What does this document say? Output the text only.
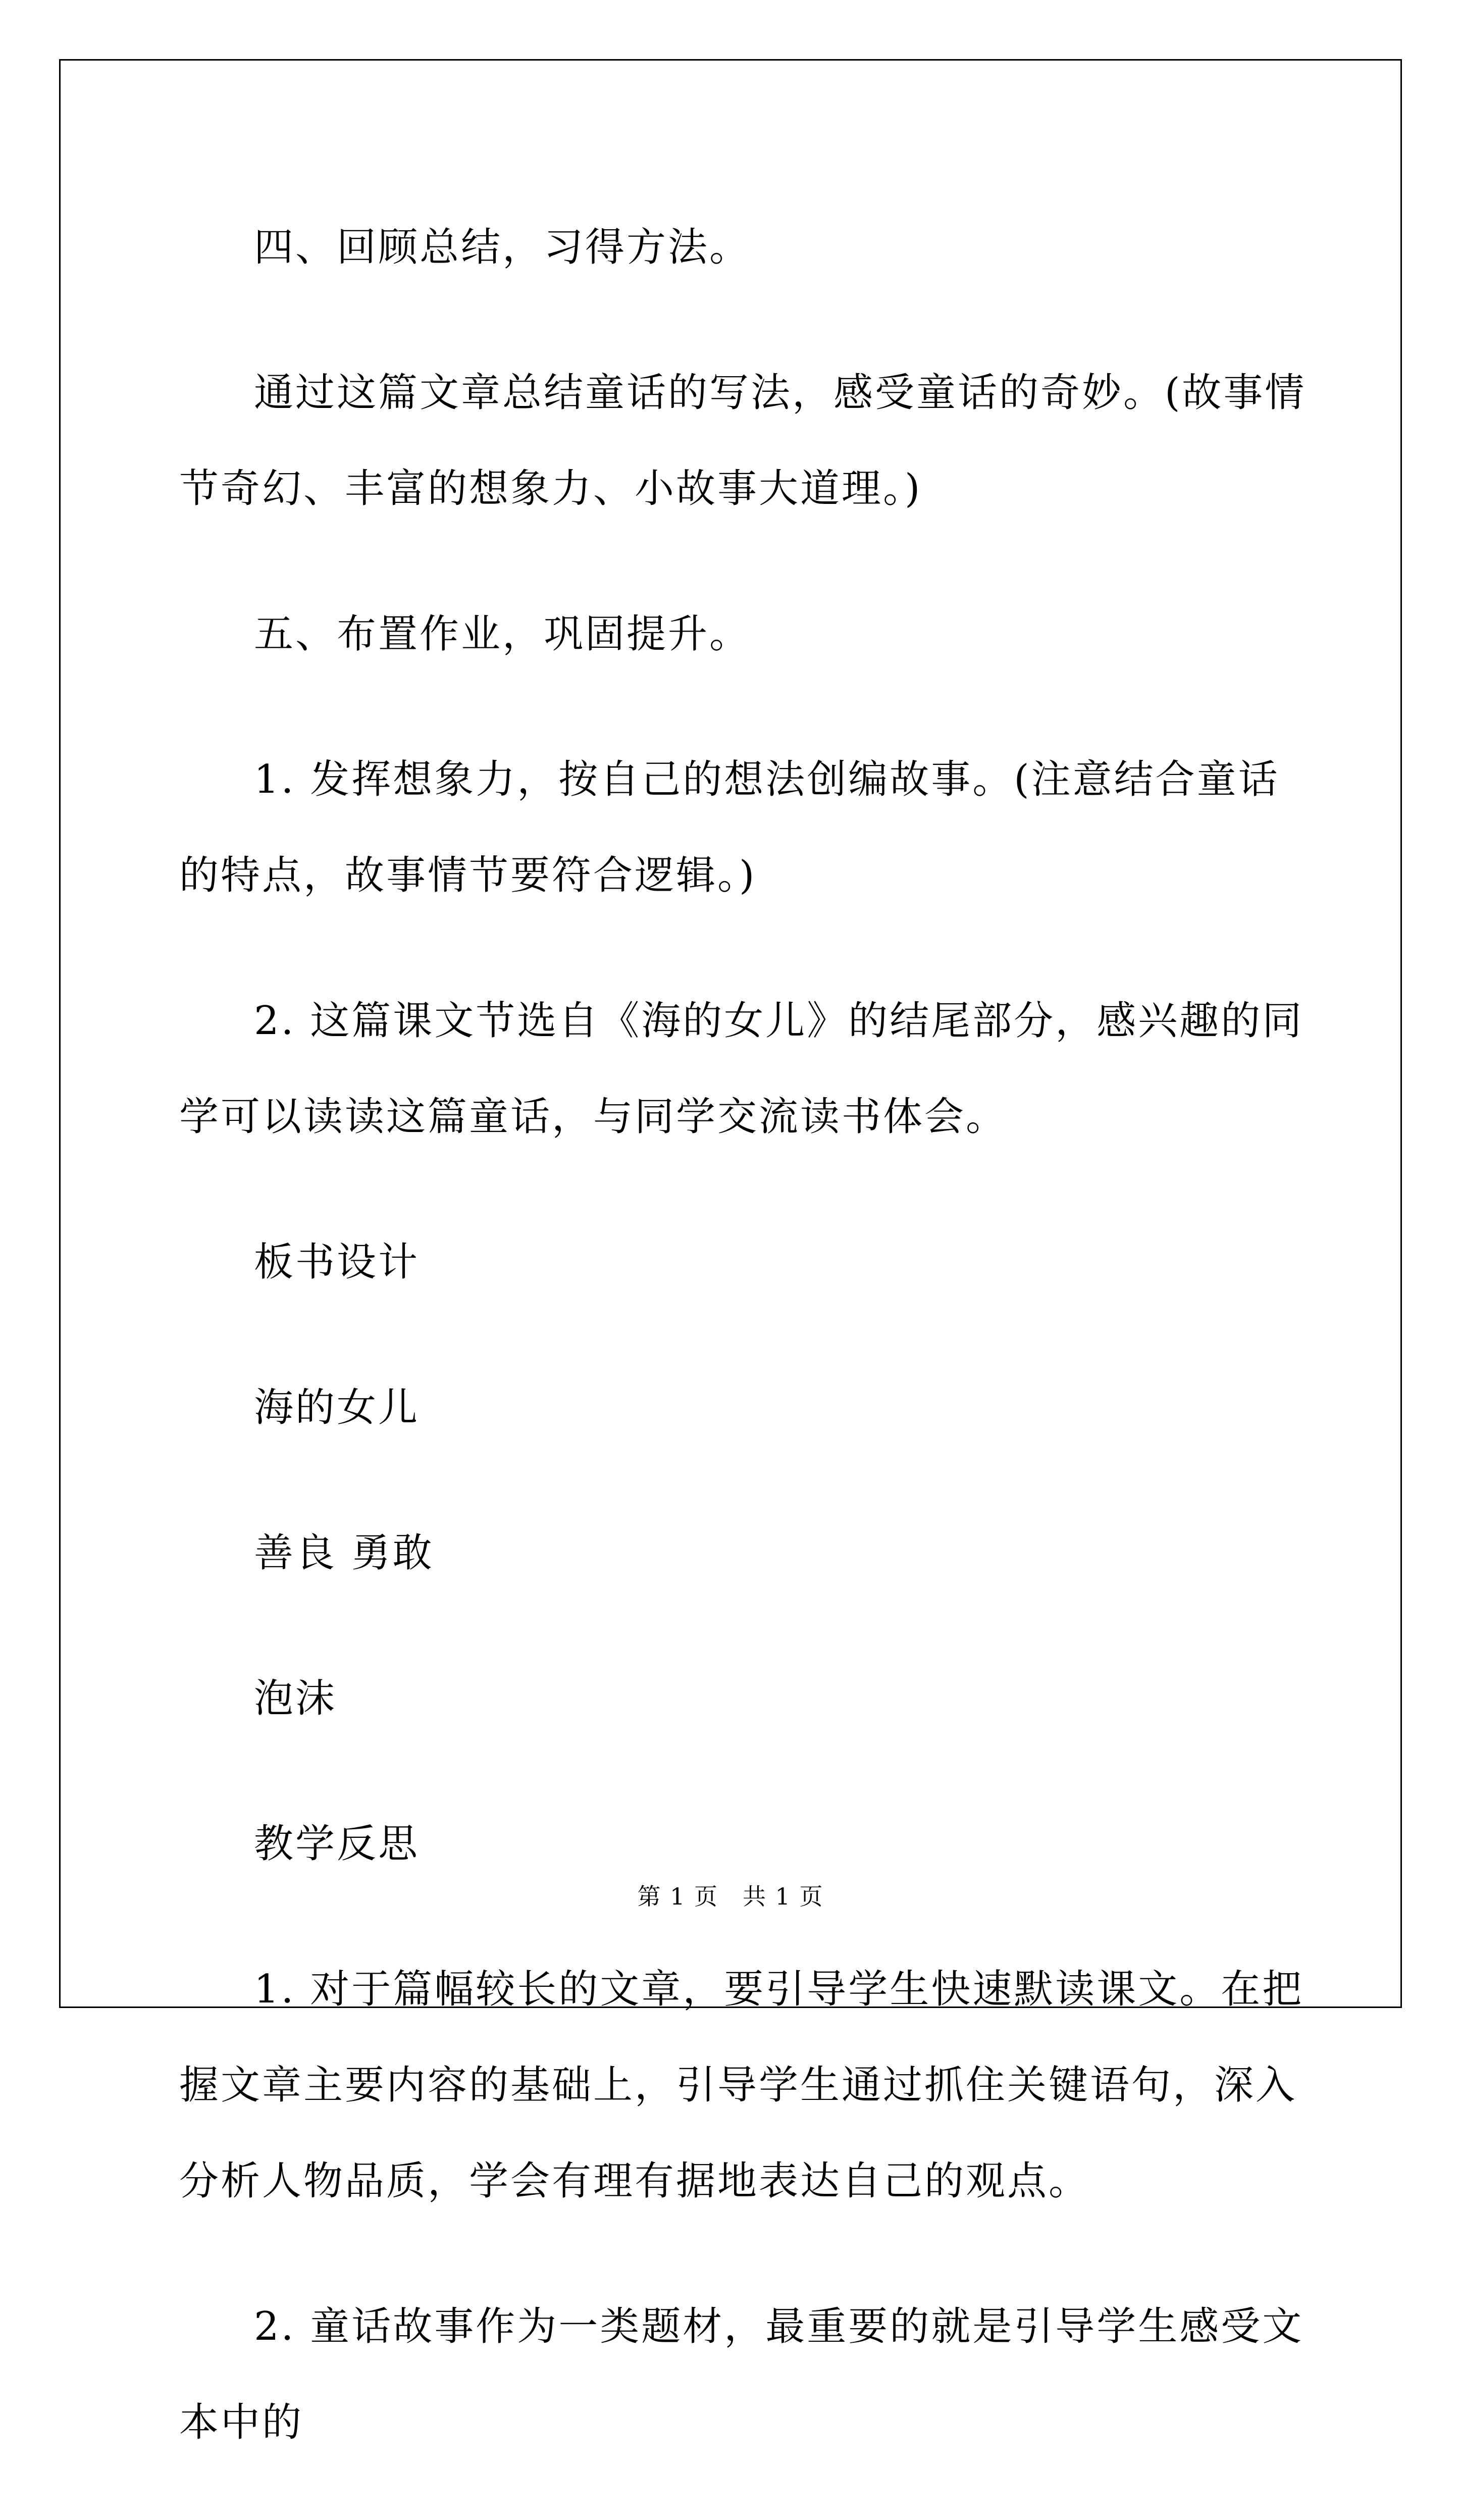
四、回顾总结，习得方法。

通过这篇文章总结童话的写法，感受童话的奇妙。(故事情节奇幻、丰富的想象力、小故事大道理。)

五、布置作业，巩固提升。

1. 发挥想象力，按自己的想法创编故事。(注意结合童话的特点，故事情节要符合逻辑。)

2. 这篇课文节选自《海的女儿》的结尾部分，感兴趣的同学可以读读这篇童话，与同学交流读书体会。

板书设计

海的女儿

善良 勇敢

泡沫

教学反思

1. 对于篇幅较长的文章，要引导学生快速默读课文。在把握文章主要内容的基础上，引导学生通过抓住关键语句，深入分析人物品质，学会有理有据地表达自己的观点。

2. 童话故事作为一类题材，最重要的就是引导学生感受文本中的

第 1 页　共 1 页
